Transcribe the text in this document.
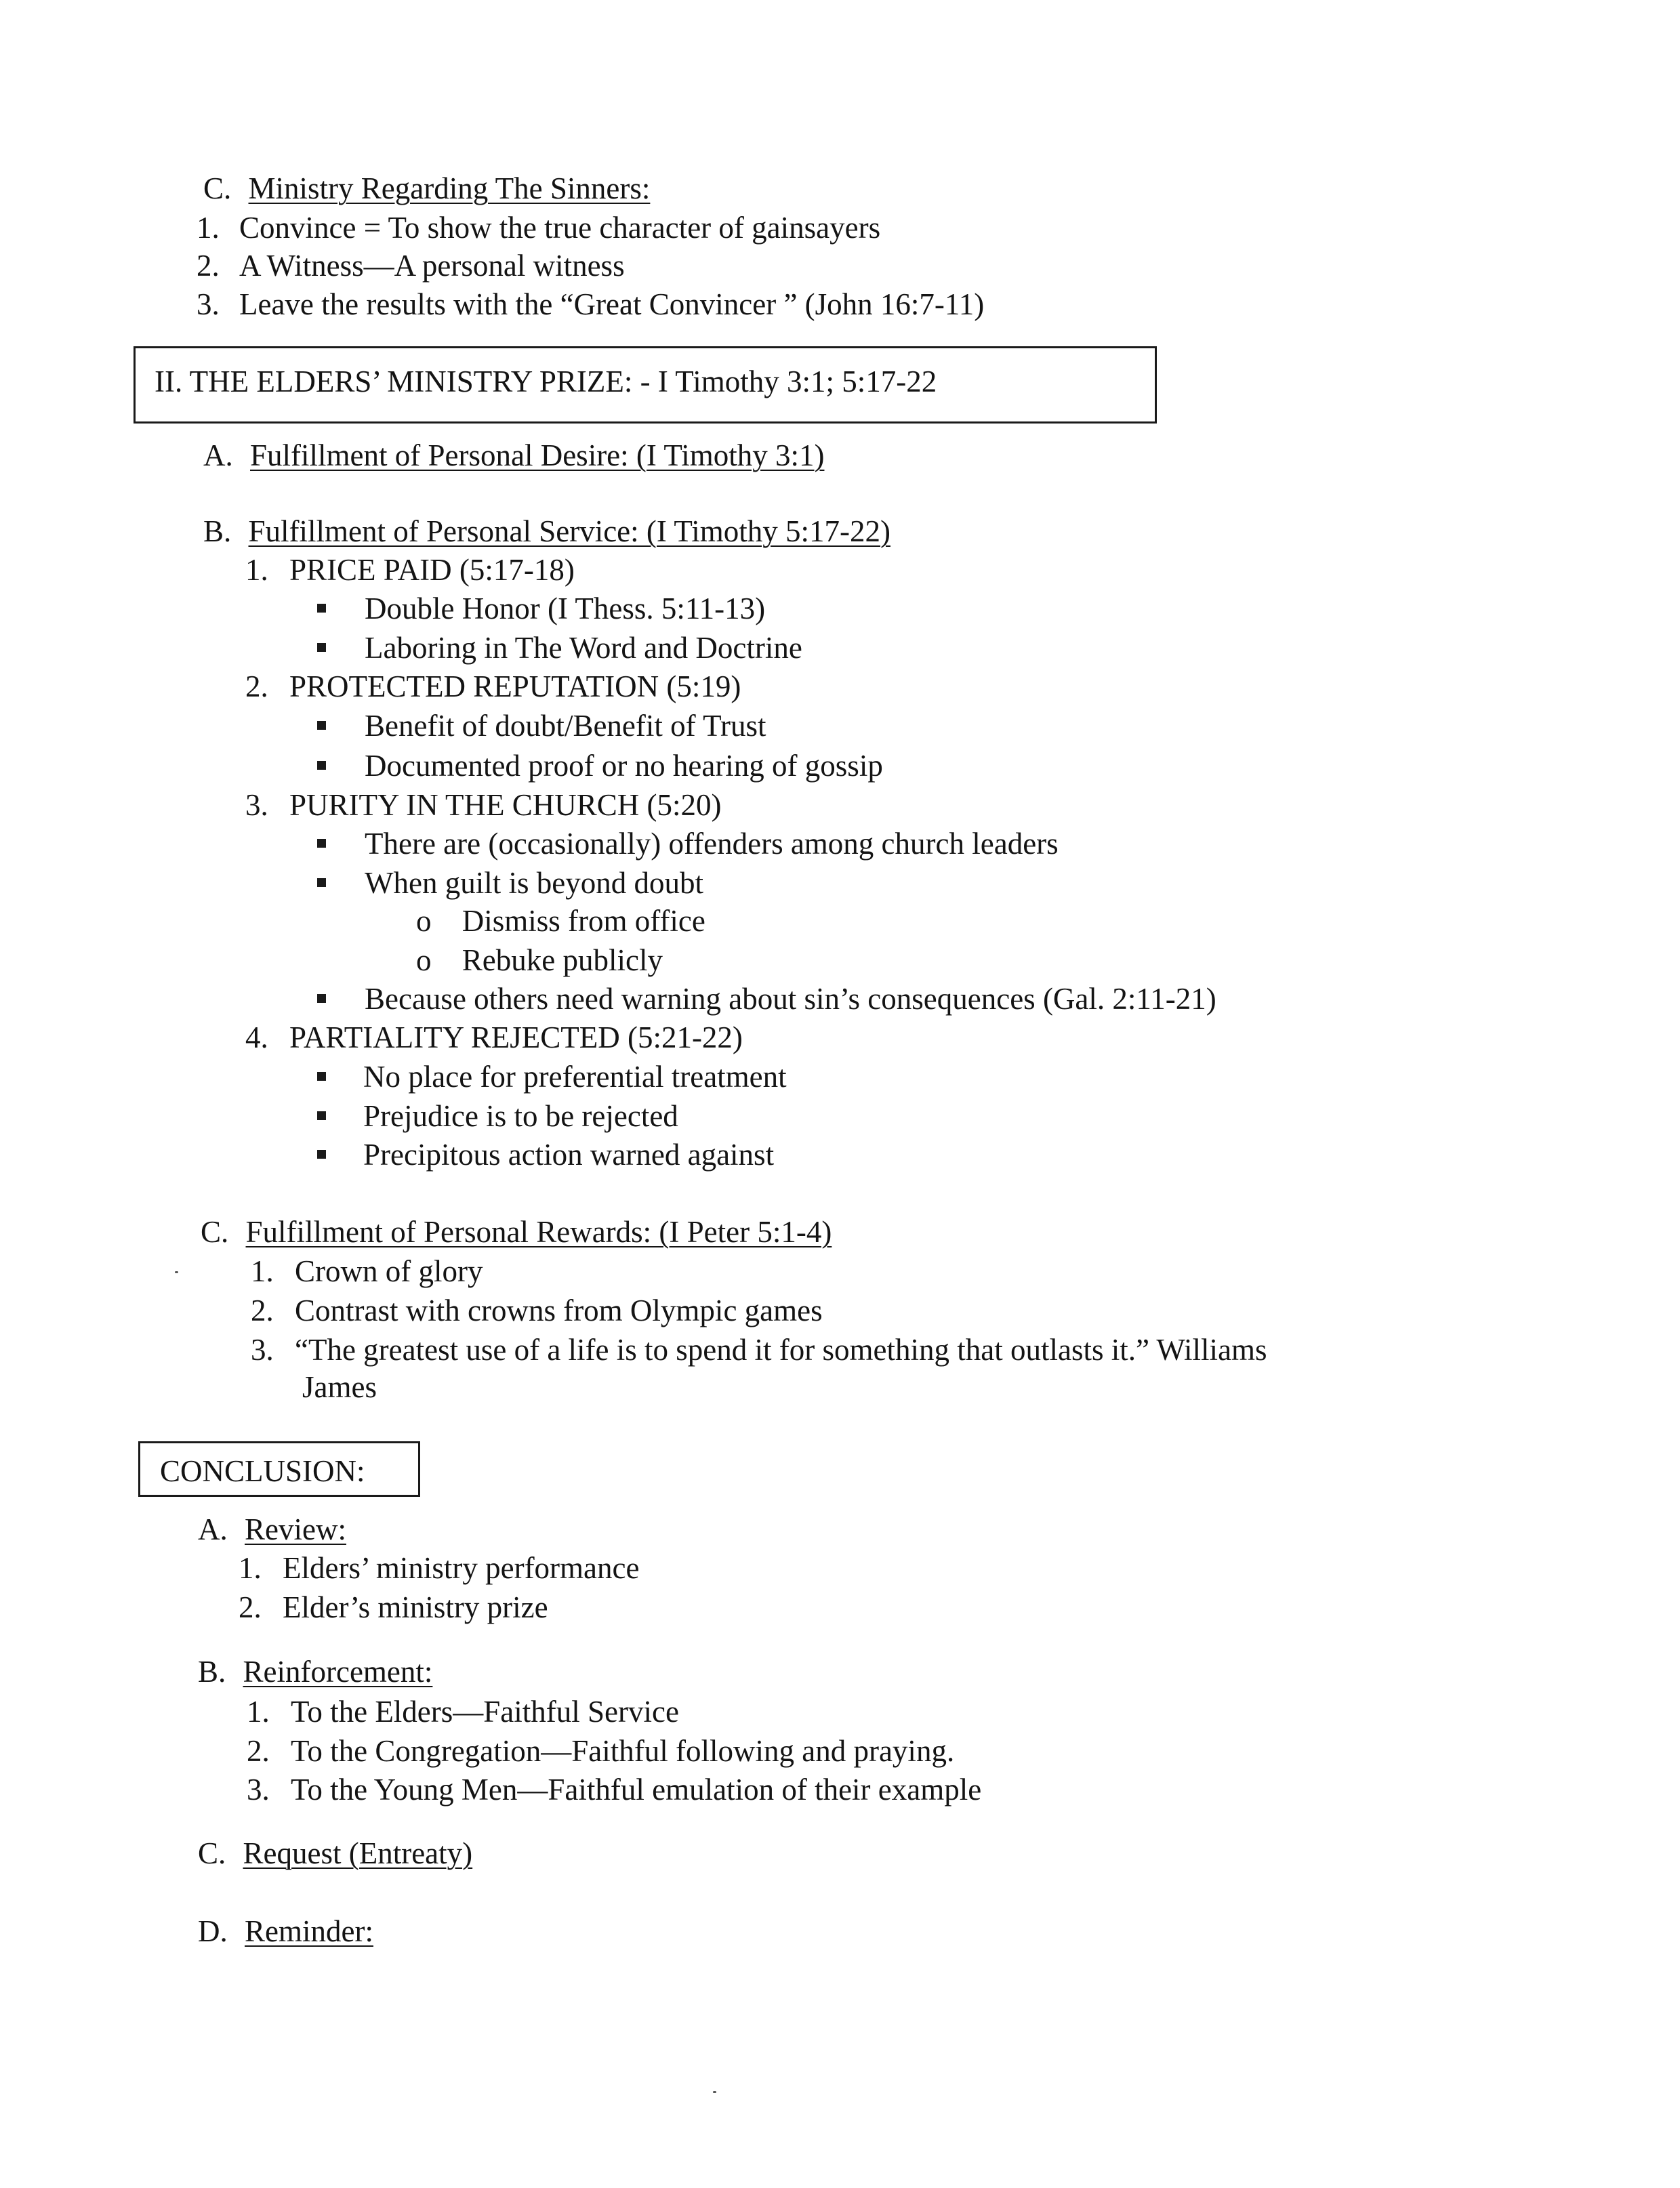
C. Ministry Regarding The Sinners:
1. Convince = To show the true character of gainsayers
2. A Witness—A personal witness
3. Leave the results with the “Great Convincer ” (John 16:7-11)
II. THE ELDERS’ MINISTRY PRIZE: - I Timothy 3:1; 5:17-22
A. Fulfillment of Personal Desire: (I Timothy 3:1)
B. Fulfillment of Personal Service: (I Timothy 5:17-22)
1. PRICE PAID (5:17-18)
Double Honor (I Thess. 5:11-13)
Laboring in The Word and Doctrine
2. PROTECTED REPUTATION (5:19)
Benefit of doubt/Benefit of Trust
Documented proof or no hearing of gossip
3. PURITY IN THE CHURCH (5:20)
There are (occasionally) offenders among church leaders
When guilt is beyond doubt
o Dismiss from office
o Rebuke publicly
Because others need warning about sin’s consequences (Gal. 2:11-21)
4. PARTIALITY REJECTED (5:21-22)
No place for preferential treatment
Prejudice is to be rejected
Precipitous action warned against
C. Fulfillment of Personal Rewards: (I Peter 5:1-4)
1. Crown of glory
2. Contrast with crowns from Olympic games
3. “The greatest use of a life is to spend it for something that outlasts it.” Williams
James
CONCLUSION:
A. Review:
1. Elders’ ministry performance
2. Elder’s ministry prize
B. Reinforcement:
1. To the Elders—Faithful Service
2. To the Congregation—Faithful following and praying.
3. To the Young Men—Faithful emulation of their example
C. Request (Entreaty)
D. Reminder:
